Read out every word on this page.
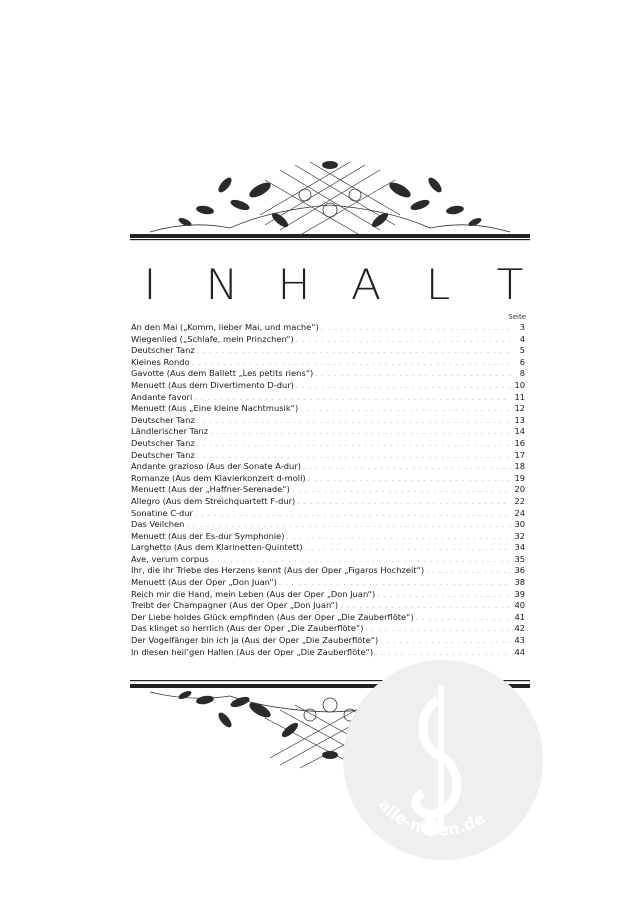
I	N H A L T
Seite
An den Mai („Komm, lieber Mai, und mache“) . . .	3
Wiegenlied („Schlafe, mein Prinzchen“) . . .	4
Deutscher Tanz . . .	5
Kleines Rondo . . .	6
Gavotte (Aus dem Ballett „Les petits riens“) . . .	8
Menuett (Aus dem Divertimento D-dur) . . .	10
Andante favori . . .	11
Menuett (Aus „Eine kleine Nachtmusik“) . . .	12
Deutscher Tanz . . .	13
Ländlerischer Tanz . . .	14
Deutscher Tanz . . .	16
Deutscher Tanz . . .	17
Andante grazioso (Aus der Sonate A-dur) . . .	18
Romanze (Aus dem Klavierkonzert d-moll) . . .	19
Menuett (Aus der „Haffner-Serenade“) . . .	20
Allegro (Aus dem Streichquartett F-dur) . . .	22
Sonatine C-dur . . .	24
Das Veilchen . . .	30
Menuett (Aus der Es-dur Symphonie) . . .	32
Larghetto (Aus dem Klarinetten-Quintett) . . .	34
Ave, verum corpus . . .	35
Ihr, die ihr Triebe des Herzens kennt (Aus der Oper „Figaros Hochzeit“) . . .	36
Menuett (Aus der Oper „Don Juan“) . . .	38
Reich mir die Hand, mein Leben (Aus der Oper „Don Juan“) . . .	39
Treibt der Champagner (Aus der Oper „Don Juan“) . . .	40
Der Liebe holdes Glück empfinden (Aus der Oper „Die Zauberflöte“) . . .	41
Das klinget so herrlich (Aus der Oper „Die Zauberflöte“) . . .	42
Der Vogelfänger bin ich ja (Aus der Oper „Die Zauberflöte“) . . .	43
In diesen heil’gen Hallen (Aus der Oper „Die Zauberflöte“) . . .	44
alle-noten.de
